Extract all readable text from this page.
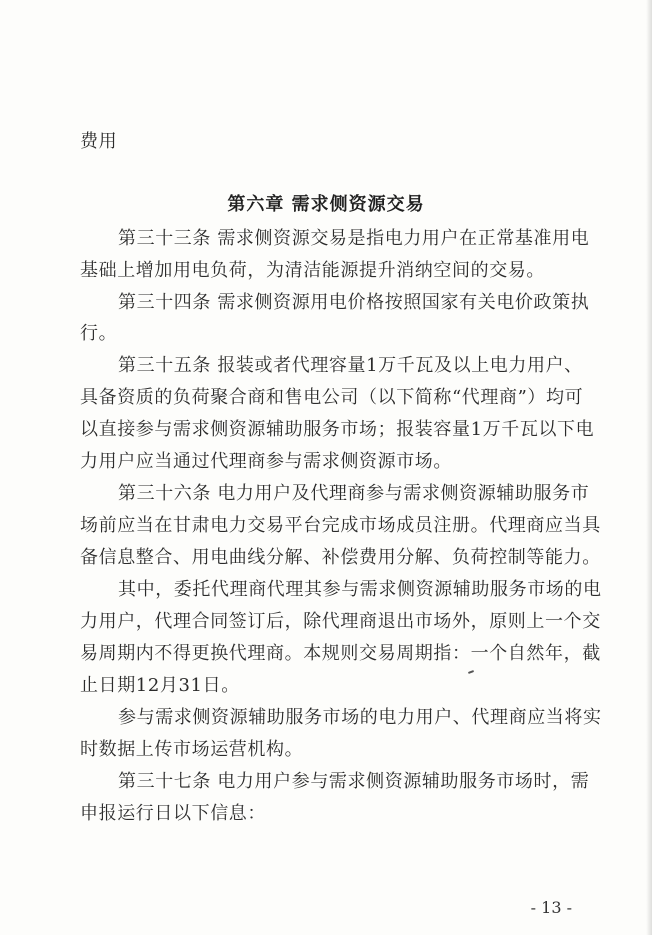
费用
第六章 需求侧资源交易
第三十三条 需求侧资源交易是指电力用户在正常基准用电
基础上增加用电负荷，为清洁能源提升消纳空间的交易。
第三十四条 需求侧资源用电价格按照国家有关电价政策执
行。
第三十五条 报装或者代理容量1万千瓦及以上电力用户、
具备资质的负荷聚合商和售电公司（以下简称“代理商”）均可
以直接参与需求侧资源辅助服务市场；报装容量1万千瓦以下电
力用户应当通过代理商参与需求侧资源市场。
第三十六条 电力用户及代理商参与需求侧资源辅助服务市
场前应当在甘肃电力交易平台完成市场成员注册。代理商应当具
备信息整合、用电曲线分解、补偿费用分解、负荷控制等能力。
其中，委托代理商代理其参与需求侧资源辅助服务市场的电
力用户，代理合同签订后，除代理商退出市场外，原则上一个交
易周期内不得更换代理商。本规则交易周期指：一个自然年，截
止日期12月31日。
参与需求侧资源辅助服务市场的电力用户、代理商应当将实
时数据上传市场运营机构。
第三十七条 电力用户参与需求侧资源辅助服务市场时，需
申报运行日以下信息：
- 13 -
